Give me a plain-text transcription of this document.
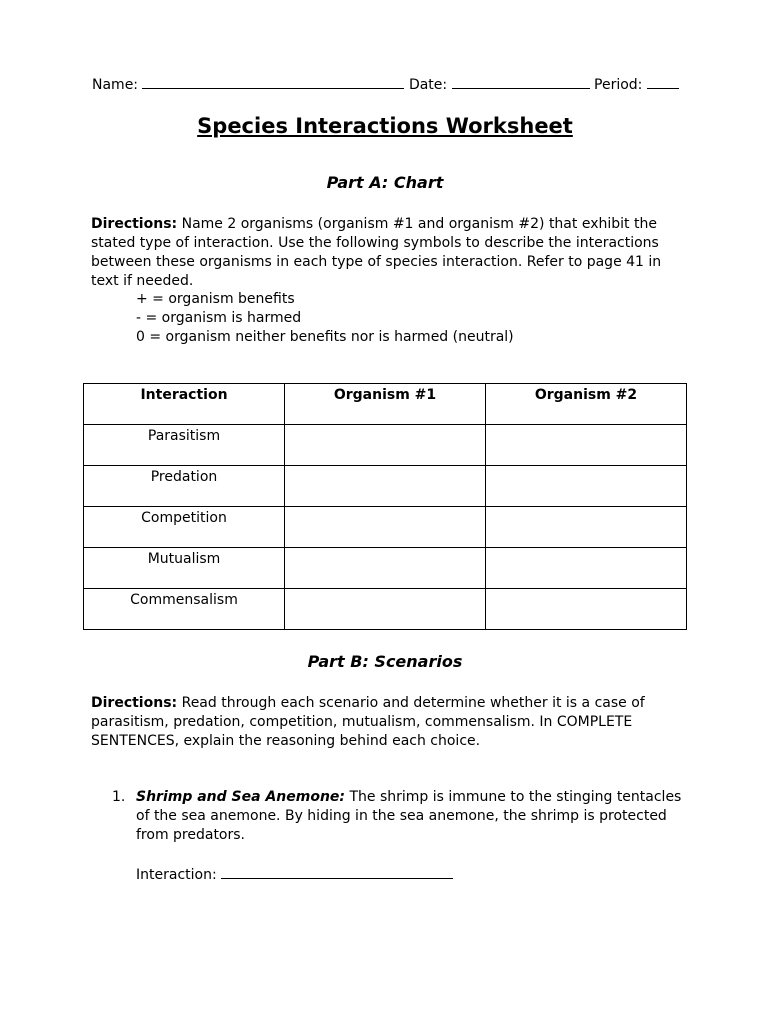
Name:	Date:	Period:
Species Interactions Worksheet
Part A: Chart
Directions: Name 2 organisms (organism #1 and organism #2) that exhibit the stated type of interaction. Use the following symbols to describe the interactions between these organisms in each type of species interaction. Refer to page 41 in text if needed.
+ = organism benefits
- = organism is harmed
0 = organism neither benefits nor is harmed (neutral)
Interaction	Organism #1	Organism #2
Parasitism		
Predation		
Competition		
Mutualism		
Commensalism		
Part B: Scenarios
Directions: Read through each scenario and determine whether it is a case of parasitism, predation, competition, mutualism, commensalism. In COMPLETE SENTENCES, explain the reasoning behind each choice.
1. Shrimp and Sea Anemone: The shrimp is immune to the stinging tentacles of the sea anemone. By hiding in the sea anemone, the shrimp is protected from predators.
Interaction:
